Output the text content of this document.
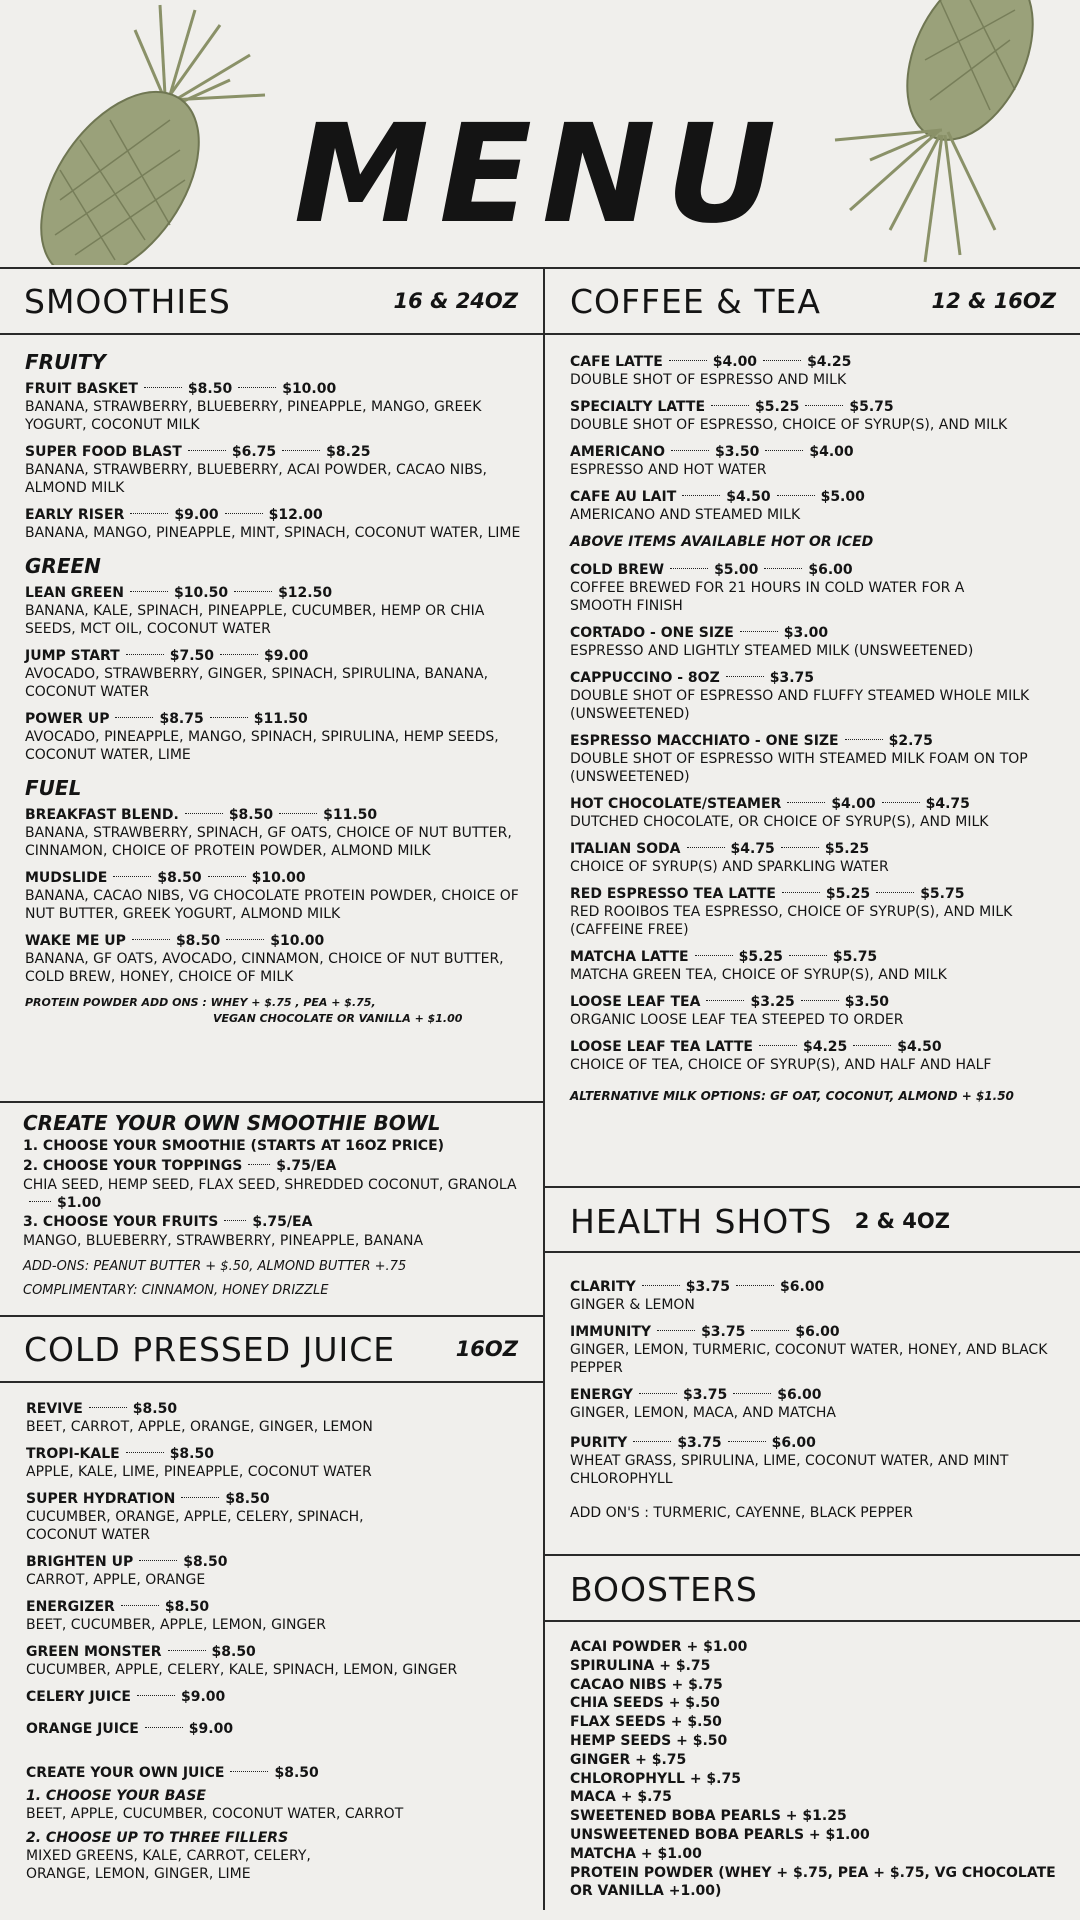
MENU
SMOOTHIES	16 & 24OZ
FRUITY
FRUIT BASKET	$8.50	$10.00
BANANA, STRAWBERRY, BLUEBERRY, PINEAPPLE, MANGO, GREEK YOGURT, COCONUT MILK
SUPER FOOD BLAST	$6.75	$8.25
BANANA, STRAWBERRY, BLUEBERRY, ACAI POWDER, CACAO NIBS, ALMOND MILK
EARLY RISER	$9.00	$12.00
BANANA, MANGO, PINEAPPLE, MINT, SPINACH, COCONUT WATER, LIME
GREEN
LEAN GREEN	$10.50	$12.50
BANANA, KALE, SPINACH, PINEAPPLE, CUCUMBER, HEMP OR CHIA SEEDS, MCT OIL, COCONUT WATER
JUMP START	$7.50	$9.00
AVOCADO, STRAWBERRY, GINGER, SPINACH, SPIRULINA, BANANA, COCONUT WATER
POWER UP	$8.75	$11.50
AVOCADO, PINEAPPLE, MANGO, SPINACH, SPIRULINA, HEMP SEEDS, COCONUT WATER, LIME
FUEL
BREAKFAST BLEND.	$8.50	$11.50
BANANA, STRAWBERRY, SPINACH, GF OATS, CHOICE OF NUT BUTTER, CINNAMON, CHOICE OF PROTEIN POWDER, ALMOND MILK
MUDSLIDE	$8.50	$10.00
BANANA, CACAO NIBS, VG CHOCOLATE PROTEIN POWDER, CHOICE OF NUT BUTTER, GREEK YOGURT, ALMOND MILK
WAKE ME UP	$8.50	$10.00
BANANA, GF OATS, AVOCADO, CINNAMON, CHOICE OF NUT BUTTER, COLD BREW, HONEY, CHOICE OF MILK
PROTEIN POWDER ADD ONS : WHEY + $.75 , PEA + $.75,
VEGAN CHOCOLATE OR VANILLA + $1.00
CREATE YOUR OWN SMOOTHIE BOWL
1. CHOOSE YOUR SMOOTHIE (STARTS AT 16OZ PRICE)
2. CHOOSE YOUR TOPPINGS $.75/EA
CHIA SEED, HEMP SEED, FLAX SEED, SHREDDED COCONUT, GRANOLA$1.00
3. CHOOSE YOUR FRUITS $.75/EA
MANGO, BLUEBERRY, STRAWBERRY, PINEAPPLE, BANANA
ADD-ONS: PEANUT BUTTER + $.50, ALMOND BUTTER +.75
COMPLIMENTARY: CINNAMON, HONEY DRIZZLE
COLD PRESSED JUICE	16OZ
REVIVE	$8.50
BEET, CARROT, APPLE, ORANGE, GINGER, LEMON
TROPI-KALE	$8.50
APPLE, KALE, LIME, PINEAPPLE, COCONUT WATER
SUPER HYDRATION	$8.50
CUCUMBER, ORANGE, APPLE, CELERY, SPINACH, COCONUT WATER
BRIGHTEN UP	$8.50
CARROT, APPLE, ORANGE
ENERGIZER	$8.50
BEET, CUCUMBER, APPLE, LEMON, GINGER
GREEN MONSTER	$8.50
CUCUMBER, APPLE, CELERY, KALE, SPINACH, LEMON, GINGER
CELERY JUICE	$9.00
ORANGE JUICE	$9.00
CREATE YOUR OWN JUICE	$8.50
1. CHOOSE YOUR BASE
BEET, APPLE, CUCUMBER, COCONUT WATER, CARROT
2. CHOOSE UP TO THREE FILLERS
MIXED GREENS, KALE, CARROT, CELERY, ORANGE, LEMON, GINGER, LIME
COFFEE & TEA	12 & 16OZ
CAFE LATTE	$4.00	$4.25
DOUBLE SHOT OF ESPRESSO AND MILK
SPECIALTY LATTE	$5.25	$5.75
DOUBLE SHOT OF ESPRESSO, CHOICE OF SYRUP(S), AND MILK
AMERICANO	$3.50	$4.00
ESPRESSO AND HOT WATER
CAFE AU LAIT	$4.50	$5.00
AMERICANO AND STEAMED MILK
ABOVE ITEMS AVAILABLE HOT OR ICED
COLD BREW	$5.00	$6.00
COFFEE BREWED FOR 21 HOURS IN COLD WATER FOR A SMOOTH FINISH
CORTADO - ONE SIZE	$3.00
ESPRESSO AND LIGHTLY STEAMED MILK (UNSWEETENED)
CAPPUCCINO - 8OZ	$3.75
DOUBLE SHOT OF ESPRESSO AND FLUFFY STEAMED WHOLE MILK (UNSWEETENED)
ESPRESSO MACCHIATO - ONE SIZE	$2.75
DOUBLE SHOT OF ESPRESSO WITH STEAMED MILK FOAM ON TOP (UNSWEETENED)
HOT CHOCOLATE/STEAMER	$4.00	$4.75
DUTCHED CHOCOLATE, OR CHOICE OF SYRUP(S), AND MILK
ITALIAN SODA	$4.75	$5.25
CHOICE OF SYRUP(S) AND SPARKLING WATER
RED ESPRESSO TEA LATTE	$5.25	$5.75
RED ROOIBOS TEA ESPRESSO, CHOICE OF SYRUP(S), AND MILK (CAFFEINE FREE)
MATCHA LATTE	$5.25	$5.75
MATCHA GREEN TEA, CHOICE OF SYRUP(S), AND MILK
LOOSE LEAF TEA	$3.25	$3.50
ORGANIC LOOSE LEAF TEA STEEPED TO ORDER
LOOSE LEAF TEA LATTE	$4.25	$4.50
CHOICE OF TEA, CHOICE OF SYRUP(S), AND HALF AND HALF
ALTERNATIVE MILK OPTIONS: GF OAT, COCONUT, ALMOND + $1.50
HEALTH SHOTS 2 & 4OZ
CLARITY	$3.75	$6.00
GINGER & LEMON
IMMUNITY	$3.75	$6.00
GINGER, LEMON, TURMERIC, COCONUT WATER, HONEY, AND BLACK PEPPER
ENERGY	$3.75	$6.00
GINGER, LEMON, MACA, AND MATCHA
PURITY	$3.75	$6.00
WHEAT GRASS, SPIRULINA, LIME, COCONUT WATER, AND MINT CHLOROPHYLL
ADD ON'S : TURMERIC, CAYENNE, BLACK PEPPER
BOOSTERS
ACAI POWDER + $1.00
SPIRULINA + $.75
CACAO NIBS + $.75
CHIA SEEDS + $.50
FLAX SEEDS + $.50
HEMP SEEDS + $.50
GINGER + $.75
CHLOROPHYLL + $.75
MACA + $.75
SWEETENED BOBA PEARLS + $1.25
UNSWEETENED BOBA PEARLS + $1.00
MATCHA + $1.00
PROTEIN POWDER (WHEY + $.75, PEA + $.75, VG CHOCOLATE OR VANILLA +1.00)
